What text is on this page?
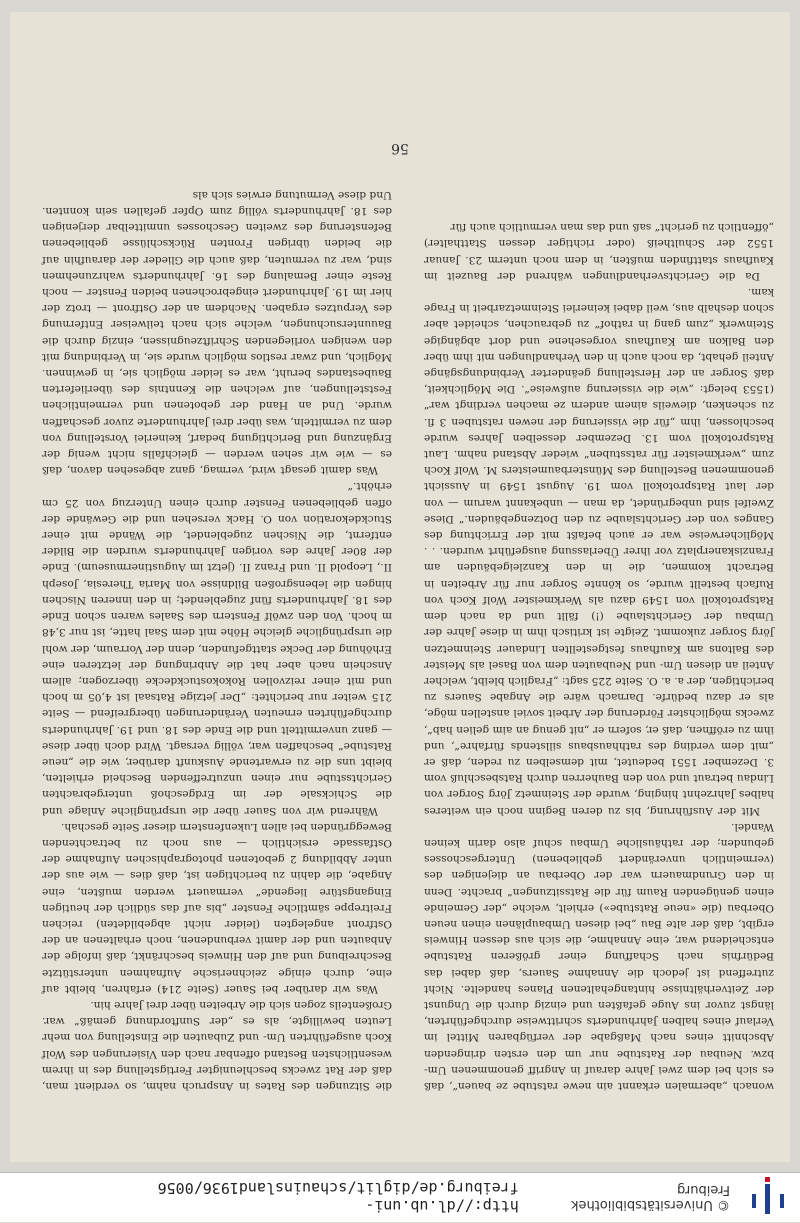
© Universitätsbibliothek Freiburg
http://dl.ub.uni-freiburg.de/diglit/schauinsland1936/0056

wonach „abermalen erkannt ain newe ratstube ze bauen“, daß es sich bei dem zwei Jahre darauf in Angriff genommenen Um- bzw. Neubau der Ratstube nur um den ersten dringenden Abschnitt eines nach Maßgabe der verfügbaren Mittel im Verlauf eines halben Jahrhunderts schrittweise durchgeführten, längst zuvor ins Auge gefaßten und einzig durch die Ungunst der Zeitverhältnisse hintangehaltenen Planes handelte. Nicht zutreffend ist jedoch die Annahme Sauers, daß dabei das Bedürfnis nach Schaffung einer größeren Ratstube entscheidend war, eine Annahme, die sich aus dessen Hinweis ergibt, daß der alte Bau „bei diesen Umbauplänen einen neuen Oberbau (die «neue Ratstube») erhielt, welche „der Gemeinde einen genügenden Raum für die Ratssitzungen“ brachte. Denn in den Grundmauern war der Oberbau an diejenigen des (vermeintlich unverändert gebliebenen) Untergeschosses gebunden; der rathäusliche Umbau schuf also darin keinen Wandel.

Mit der Ausführung, bis zu deren Beginn noch ein weiteres halbes Jahrzehnt hinging, wurde der Steinmetz Jörg Sorger von Lindau betraut und von den Bauherren durch Ratsbeschluß vom 3. Dezember 1551 bedeutet, mit demselben zu reden, daß er „mit dem verding des rathhausbaus sillstends fürfahre“, und ihm zu eröffnen, daß er, sofern er „nit genug an aim gelien hab“, zwecks möglichster Förderung der Arbeit soviel anstellen möge, als er dazu bedürfe. Darnach wäre die Angabe Sauers zu berichtigen, der a. a. O. Seite 225 sagt: „Fraglich bleibt, welcher Anteil an diesen Um- und Neubauten dem von Basel als Meister des Baltons am Kaufhaus festgestellten Lindauer Steinmetzen Jörg Sorger zukommt. Zeigte ist kritisch ihm in diese Jahre der Umbau der Gerichtslaube (!) fällt und da nach dem Ratsprotokoll von 1549 dazu als Werkmeister Wolf Koch von Rufach bestellt wurde, so könnte Sorger nur für Arbeiten in Betracht kommen, die in den Kanzleigebäuden am Franziskanerplatz vor ihrer Überlassung ausgeführt wurden. . . Möglicherweise war er auch befaßt mit der Errichtung des Ganges von der Gerichtslaube zu den Dotzengebäuden.“ Diese Zweifel sind unbegründet, da man — unbekannt warum — von der laut Ratsprotokoll vom 19. August 1549 in Aussicht genommenen Bestellung des Münsterbaumeisters M. Wolf Koch zum „werkmeister für ratsstuben“ wieder Abstand nahm. Laut Ratsprotokoll vom 13. Dezember desselben Jahres wurde beschlossen, ihm „für die vissierung der newen ratstuben 3 fl. zu schenken, dieweils ainem andern ze machen verdingt war“ (1553 belegt: „wie die vissierung außweise“. Die Möglichkeit, daß Sorger an der Herstellung geänderter Verbindungsgänge Anteil gehabt, da noch auch in den Verhandlungen mit ihm über den Balkon am Kaufhaus vorgesehene und dort abgängige Steinwerk „zum gang in rathof“ zu gebrauchen, scheidet aber schon deshalb aus, weil dabei keinerlei Steinmetzarbeit in Frage kam.

Da die Gerichtsverhandlungen während der Bauzeit im Kaufhaus stattfinden mußten, in dem noch unterm 23. Januar 1552 der Schultheiß (oder richtiger dessen Statthalter) „öffentlich zu gericht“ saß und das man vermutlich auch für

die Sitzungen des Rates in Anspruch nahm, so verdient man, daß der Rat zwecks beschleunigter Fertigstellung des in ihrem wesentlichsten Bestand offenbar nach den Visierungen des Wolf Koch ausgeführten Um- und Zubauten die Einstellung von mehr Leuten bewilligte, als es „der Sunftordnung gemäß“ war. Großenteils zogen sich die Arbeiten über drei Jahre hin.

Was wir darüber bei Sauer (Seite 214) erfahren, bleibt auf eine, durch einige zeichnerische Aufnahmen unterstützte Beschreibung und auf den Hinweis beschränkt, daß infolge der Anbauten und der damit verbundenen, noch erhaltenen an der Ostfront angelegten (leider nicht abgebildeten) reichen Freitreppe sämtliche Fenster „bis auf das südlich der heutigen Eingangstüre liegende“ vermauert werden mußten, eine Angabe, die dahin zu berichtigen ist, daß dies — wie aus der unter Abbildung 2 gebotenen photographischen Aufnahme der Ostfassade ersichtlich — aus noch zu betrachtenden Beweggründen bei allen Lukenfenstern dieser Seite geschah.

Während wir von Sauer über die ursprüngliche Anlage und die Schicksale der im Erdgeschoß untergebrachten Gerichtsstube nur einen unzutreffenden Bescheid erhielten, bleibt uns die zu erwartende Auskunft darüber, wie die „neue Ratstube“ beschaffen war, völlig versagt. Wird doch über diese — ganz unvermittelt und die Ende des 18. und 19. Jahrhunderts durchgeführten erneuten Veränderungen übergreifend — Seite 215 weiter nur berichtet: „Der jetzige Ratsaal ist 4,05 m hoch und mit einer reizvollen Rokokostuckdecke überzogen; allem Anschein nach aber hat die Anbringung der letzteren eine Erhöhung der Decke stattgefunden, denn der Vorraum, der wohl die ursprüngliche gleiche Höhe mit dem Saal hatte, ist nur 3,48 m hoch. Von den zwölf Fenstern des Saales waren schon Ende des 18. Jahrhunderts fünf zugeblendet; in den inneren Nischen hingen die lebensgroßen Bildnisse von Maria Theresia, Joseph II., Leopold II. und Franz II. (jetzt im Augustinermuseum). Ende der 80er Jahre des vorigen Jahrhunderts wurden die Bilder entfernt, die Nischen zugeblendet, die Wände mit einer Stuckdekoration von O. Hack versehen und die Gewände der offen gebliebenen Fenster durch einen Unterzug von 25 cm erhöht.“

Was damit gesagt wird, vermag, ganz abgesehen davon, daß es — wie wir sehen werden — gleichfalls nicht wenig der Ergänzung und Berichtigung bedarf, keinerlei Vorstellung von dem zu vermitteln, was über drei Jahrhunderte zuvor geschaffen wurde. Und an Hand der gebotenen und vermeintlichen Feststellungen, auf welchen die Kenntnis des überlieferten Baubestandes beruht, war es leider möglich sie, in gewinnen. Möglich, und zwar restlos möglich wurde sie, in Verbindung mit den wenigen vorliegenden Schriftzeugnissen, einzig durch die Bauuntersuchungen, welche sich nach teilweiser Entfernung des Verputzes ergaben. Nachdem an der Ostfront — trotz der hier im 19. Jahrhundert eingebrochenen beiden Fenster — noch Reste einer Bemalung des 16. Jahrhunderts wahrzunehmen sind, war zu vermuten, daß auch die Glieder der daraufhin auf die beiden übrigen Fronten Rückschlüsse gebliebenen Befensterung des zweiten Geschosses unmittelbar derjenigen des 18. Jahrhunderts völlig zum Opfer gefallen sein konnten. Und diese Vermutung erwies sich als

56
